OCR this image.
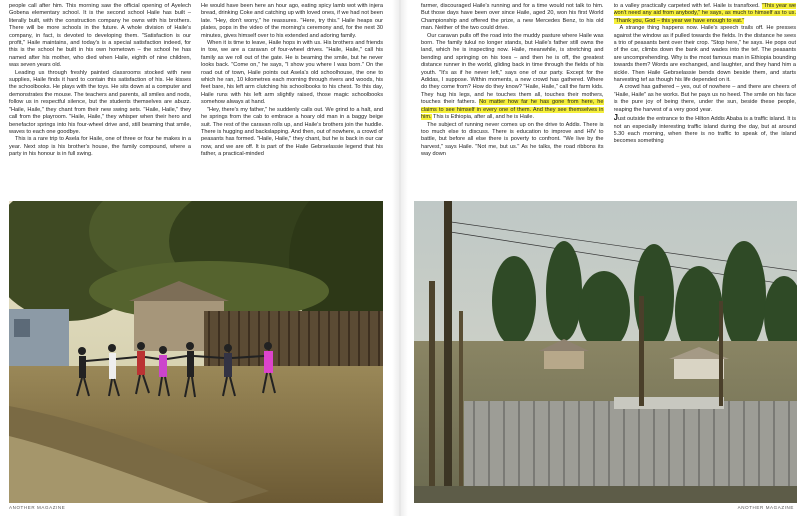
people call after him. This morning saw the official opening of Ayelech Gobena elementary school. It is the second school Haile has built – literally built, with the construction company he owns with his brothers. There will be more schools in the future. A whole division of Haile's company, in fact, is devoted to developing them. "Satisfaction is our profit," Haile maintains, and today's is a special satisfaction indeed, for this is the school he built in his own hometown – the school he has named after his mother, who died when Haile, eighth of nine children, was seven years old.

Leading us through freshly painted classrooms stocked with new supplies, Haile finds it hard to contain this satisfaction of his. He kisses the schoolbooks. He plays with the toys. He sits down at a computer and demonstrates the mouse. The teachers and parents, all smiles and nods, follow us in respectful silence, but the students themselves are abuzz. "Haile, Haile," they chant from their new swing sets. "Haile, Haile," they call from the playroom. "Haile, Haile," they whisper when their hero and benefactor springs into his four-wheel drive and, still beaming that smile, waves to each one goodbye.

This is a rare trip to Asela for Haile, one of three or four he makes in a year. Next stop is his brother's house, the family compound, where a party in his honour is in full swing.

He would have been here an hour ago, eating spicy lamb wot with injera bread, drinking Coke and catching up with loved ones, if we had not been late. "Hey, don't worry," he reassures. "Here, try this." Haile heaps our plates, pops in the video of the morning's ceremony and, for the next 30 minutes, gives himself over to his extended and adoring family.

When it is time to leave, Haile hops in with us. His brothers and friends in tow, we are a caravan of four-wheel drives. "Haile, Haile," call his family as we roll out of the gate. He is beaming the smile, but he never looks back. "Come on," he says, "I show you where I was born." On the road out of town, Haile points out Asela's old schoolhouse, the one to which he ran, 10 kilometres each morning through rivers and woods, his feet bare, his left arm clutching his schoolbooks to his chest. To this day, Haile runs with his left arm slightly raised, those magic schoolbooks somehow always at hand.

"Hey, there's my father," he suddenly calls out. We grind to a halt, and he springs from the cab to embrace a hoary old man in a baggy beige suit. The rest of the caravan rolls up, and Haile's brothers join the huddle. There is hugging and backslapping. And then, out of nowhere, a crowd of peasants has formed. "Haile, Haile," they chant, but he is back in our car now, and we are off. It is part of the Haile Gebrselassie legend that his father, a practical-minded

ANOTHER MAGAZINE

farmer, discouraged Haile's running and for a time would not talk to him. But those days have been over since Haile, aged 20, won his first World Championship and offered the prize, a new Mercedes Benz, to his old man. Neither of the two could drive.

Our caravan pulls off the road into the muddy pasture where Haile was born. The family tukul no longer stands, but Haile's father still owns the land, which he is inspecting now. Haile, meanwhile, is stretching and bending and springing on his toes – and then he is off, the greatest distance runner in the world, gliding back in time through the fields of his youth. "It's as if he never left," says one of our party. Except for the Adidas, I suppose. Within moments, a new crowd has gathered. Where do they come from? How do they know? "Haile, Haile," call the farm kids. They hug his legs, and he touches them all, touches their mothers, touches their fathers. No matter how far he has gone from here, he claims to see himself in every one of them. And they see themselves in him. This is Ethiopia, after all, and he is Haile.

The subject of running never comes up on the drive to Addis. There is too much else to discuss. There is education to improve and HIV to battle, but before all else there is poverty to confront. "We live by the harvest," says Haile. "Not me, but us." As he talks, the road ribbons its way down

to a valley practically carpeted with tef. Haile is transfixed. "This year we won't need any aid from anybody," he says, as much to himself as to us. "Thank you, God – this year we have enough to eat."

A strange thing happens now. Haile's speech trails off. He presses against the window as if pulled towards the fields. In the distance he sees a trio of peasants bent over their crop. "Stop here," he says. He pops out of the car, climbs down the bank and wades into the tef. The peasants are uncomprehending. Why is the most famous man in Ethiopia bounding towards them? Words are exchanged, and laughter, and they hand him a sickle. Then Haile Gebrselassie bends down beside them, and starts harvesting tef as though his life depended on it.

A crowd has gathered – yes, out of nowhere – and there are cheers of "Haile, Haile" as he works. But he pays us no heed. The smile on his face is the pure joy of being there, under the sun, beside these people, reaping the harvest of a very good year.

Just outside the entrance to the Hilton Addis Ababa is a traffic island. It is not an especially interesting traffic island during the day, but at around 5.30 each morning, when there is no traffic to speak of, the island becomes something

ANOTHER MAGAZINE
